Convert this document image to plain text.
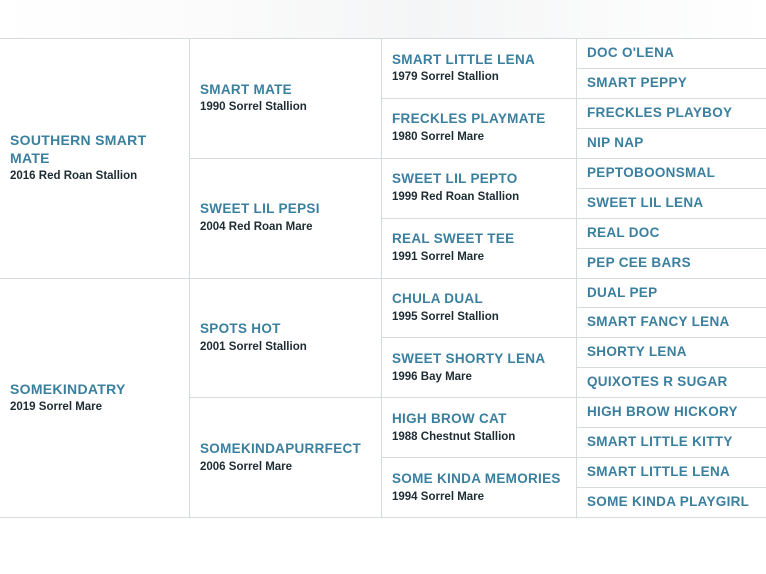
SOUTHERN SMART MATE
2016 Red Roan Stallion
SOMEKINDATRY
2019 Sorrel Mare
SMART MATE
1990 Sorrel Stallion
SWEET LIL PEPSI
2004 Red Roan Mare
SPOTS HOT
2001 Sorrel Stallion
SOMEKINDAPURRFECT
2006 Sorrel Mare
SMART LITTLE LENA
1979 Sorrel Stallion
FRECKLES PLAYMATE
1980 Sorrel Mare
SWEET LIL PEPTO
1999 Red Roan Stallion
REAL SWEET TEE
1991 Sorrel Mare
CHULA DUAL
1995 Sorrel Stallion
SWEET SHORTY LENA
1996 Bay Mare
HIGH BROW CAT
1988 Chestnut Stallion
SOME KINDA MEMORIES
1994 Sorrel Mare
DOC O'LENA
SMART PEPPY
FRECKLES PLAYBOY
NIP NAP
PEPTOBOONSMAL
SWEET LIL LENA
REAL DOC
PEP CEE BARS
DUAL PEP
SMART FANCY LENA
SHORTY LENA
QUIXOTES R SUGAR
HIGH BROW HICKORY
SMART LITTLE KITTY
SMART LITTLE LENA
SOME KINDA PLAYGIRL
